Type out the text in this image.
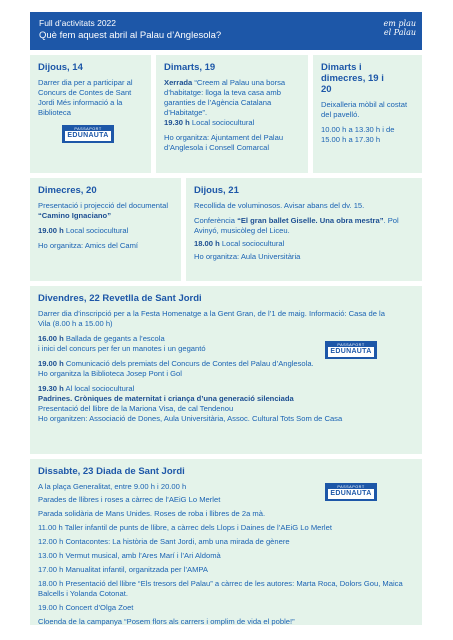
Full d’activitats 2022
Què fem aquest abril al Palau d’Anglesola?
em plau
el Palau
Dijous, 14

Darrer dia per a participar al Concurs de Contes de Sant Jordi Més informació a la Biblioteca

PASSAPORT
EDUNAUTA
Dimarts, 19

Xerrada “Creem al Palau una borsa d’habitatge: lloga la teva casa amb garanties de l’Agència Catalana d’Habitatge”.

19.30 h Local sociocultural

Ho organitza: Ajuntament del Palau d’Anglesola i Consell Comarcal

Dimarts i dimecres, 19 i 20

Deixalleria mòbil al costat del pavelló.

10.00 h a 13.30 h i de 15.00 h a 17.30 h

Dimecres, 20

Presentació i projecció del documental “Camino Ignaciano”

19.00 h Local sociocultural

Ho organitza: Amics del Camí

Dijous, 21

Recollida de voluminosos. Avisar abans del dv. 15.

Conferència “El gran ballet Giselle. Una obra mestra”. Pol Avinyó, musicòleg del Liceu.

18.00 h Local sociocultural

Ho organitza: Aula Universitària

Divendres, 22 Revetlla de Sant Jordi

Darrer dia d’inscripció per a la Festa Homenatge a la Gent Gran, de l’1 de maig. Informació: Casa de la Vila (8.00 h a 15.00 h)

16.00 h Ballada de gegants a l’escola
i inici del concurs per fer un manotes i un gegantó

19.00 h Comunicació dels premiats del Concurs de Contes del Palau d’Anglesola.
Ho organitza la Biblioteca Josep Pont i Gol

19.30 h Al local sociocultural
Padrines. Cròniques de maternitat i criança d’una generació silenciada
Presentació del llibre de la Mariona Visa, de cal Tendenou
Ho organitzen: Associació de Dones, Aula Universitària, Assoc. Cultural Tots Som de Casa

PASSAPORT
EDUNAUTA
Dissabte, 23 Diada de Sant Jordi

A la plaça Generalitat, entre 9.00 h i 20.00 h

Parades de llibres i roses a càrrec de l’AEiG Lo Merlet

Parada solidària de Mans Unides. Roses de roba i llibres de 2a mà.

11.00 h Taller infantil de punts de llibre, a càrrec dels Llops i Daines de l’AEiG Lo Merlet

12.00 h Contacontes: La història de Sant Jordi, amb una mirada de gènere

13.00 h Vermut musical, amb l’Ares Marí i l’Ari Aldomà

17.00 h Manualitat infantil, organitzada per l’AMPA

18.00 h Presentació del llibre “Els tresors del Palau” a càrrec de les autores: Marta Roca, Dolors Gou, Maica Balcells i Yolanda Cotonat.

19.00 h Concert d’Olga Zoet

Cloenda de la campanya “Posem flors als carrers i omplim de vida el poble!”

PASSAPORT
EDUNAUTA
